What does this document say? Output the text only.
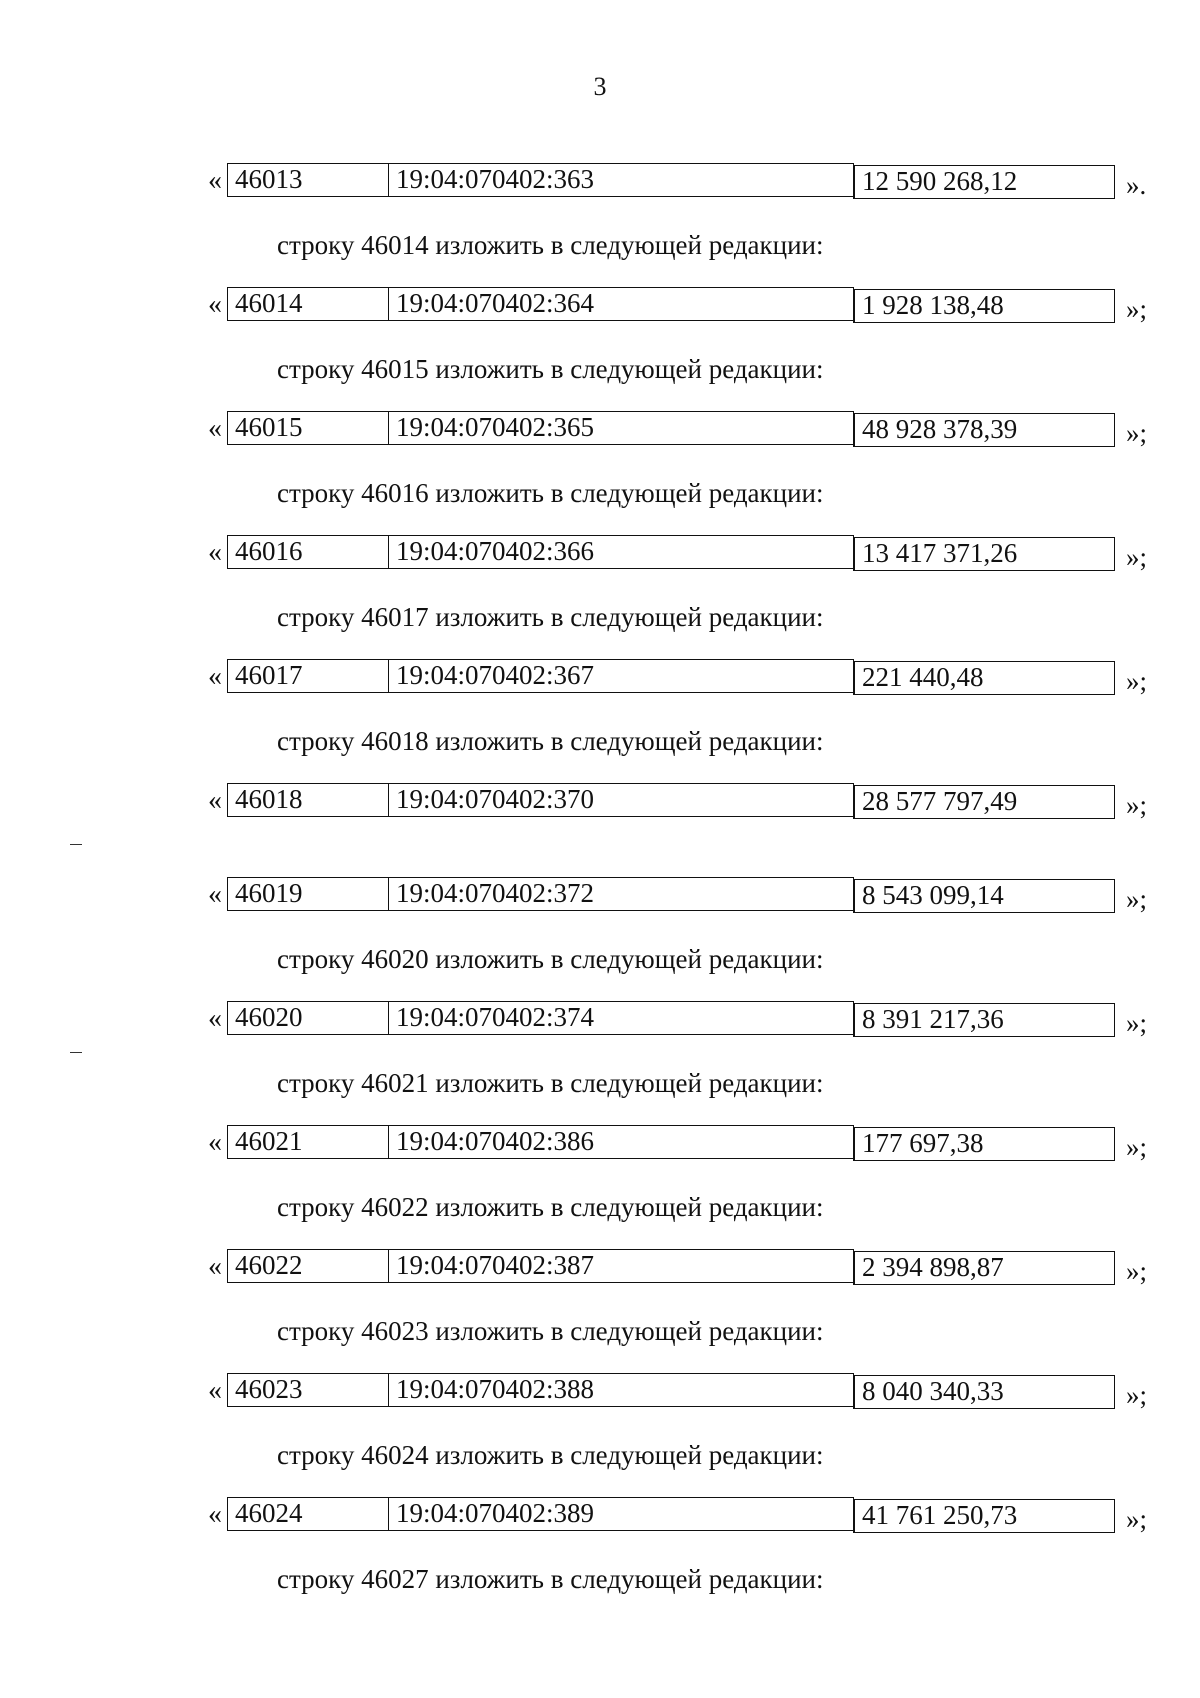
3
« 46013	19:04:070402:363	12 590 268,12	».
строку 46014 изложить в следующей редакции:
« 46014	19:04:070402:364	1 928 138,48	»;
строку 46015 изложить в следующей редакции:
« 46015	19:04:070402:365	48 928 378,39	»;
строку 46016 изложить в следующей редакции:
« 46016	19:04:070402:366	13 417 371,26	»;
строку 46017 изложить в следующей редакции:
« 46017	19:04:070402:367	221 440,48	»;
строку 46018 изложить в следующей редакции:
« 46018	19:04:070402:370	28 577 797,49	»;
« 46019	19:04:070402:372	8 543 099,14	»;
строку 46020 изложить в следующей редакции:
« 46020	19:04:070402:374	8 391 217,36	»;
строку 46021 изложить в следующей редакции:
« 46021	19:04:070402:386	177 697,38	»;
строку 46022 изложить в следующей редакции:
« 46022	19:04:070402:387	2 394 898,87	»;
строку 46023 изложить в следующей редакции:
« 46023	19:04:070402:388	8 040 340,33	»;
строку 46024 изложить в следующей редакции:
« 46024	19:04:070402:389	41 761 250,73	»;
строку 46027 изложить в следующей редакции:
